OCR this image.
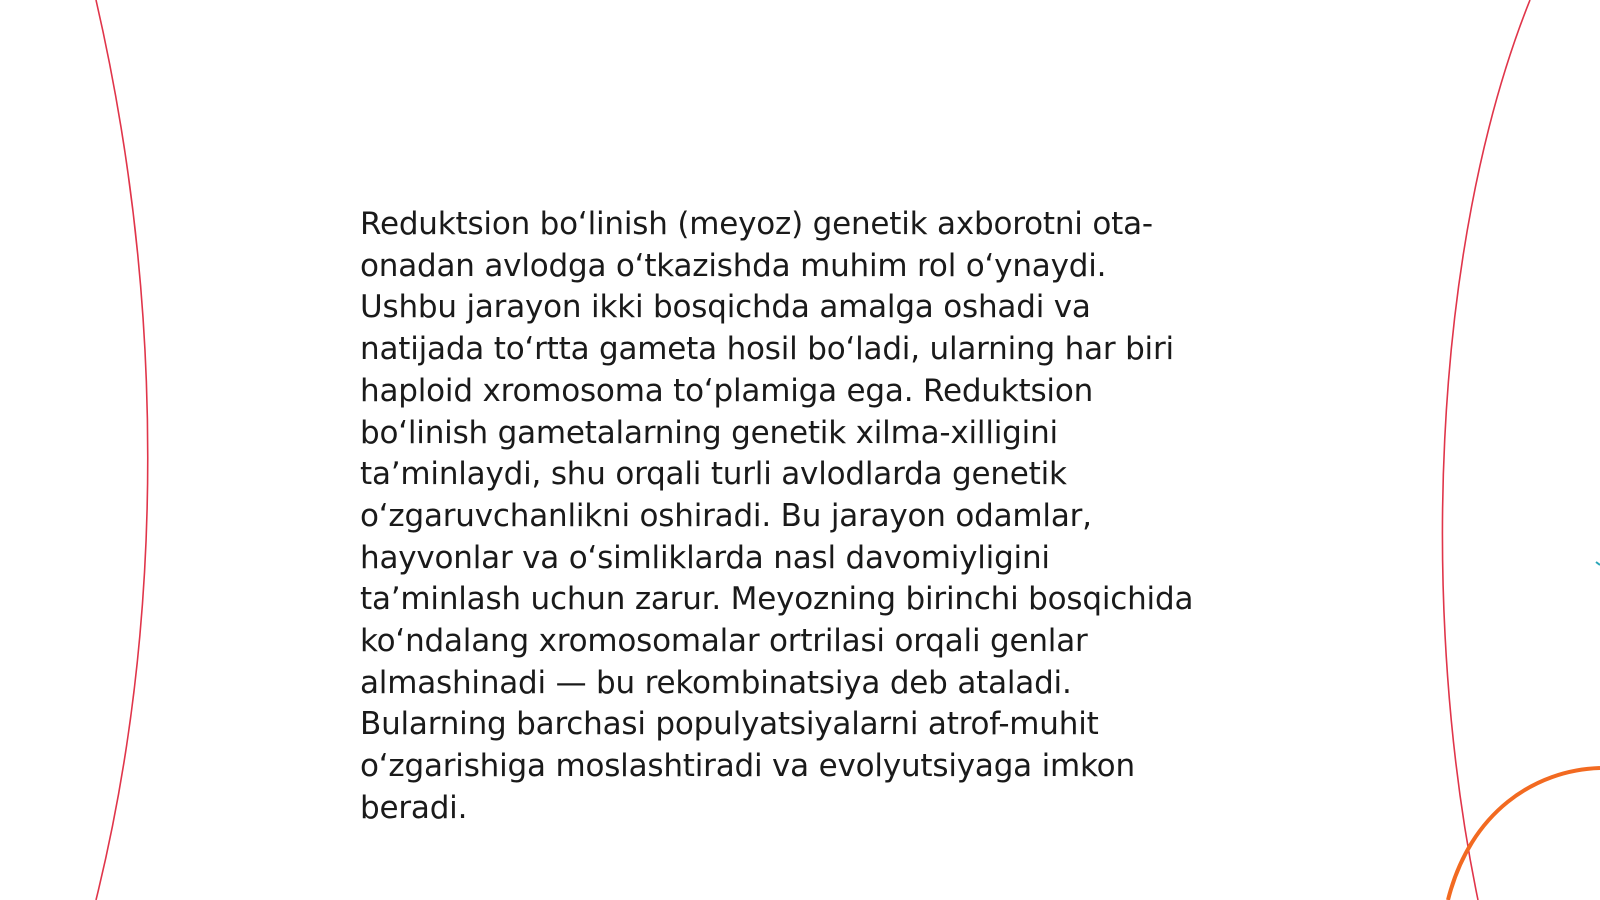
Reduktsion bo‘linish (meyoz) genetik axborotni ota-
onadan avlodga o‘tkazishda muhim rol o‘ynaydi.
Ushbu jarayon ikki bosqichda amalga oshadi va
natijada to‘rtta gameta hosil bo‘ladi, ularning har biri
haploid xromosoma to‘plamiga ega. Reduktsion
bo‘linish gametalarning genetik xilma-xilligini
ta’minlaydi, shu orqali turli avlodlarda genetik
o‘zgaruvchanlikni oshiradi. Bu jarayon odamlar,
hayvonlar va o‘simliklarda nasl davomiyligini
ta’minlash uchun zarur. Meyozning birinchi bosqichida
ko‘ndalang xromosomalar ortrilasi orqali genlar
almashinadi — bu rekombinatsiya deb ataladi.
Bularning barchasi populyatsiyalarni atrof-muhit
o‘zgarishiga moslashtiradi va evolyutsiyaga imkon
beradi.
